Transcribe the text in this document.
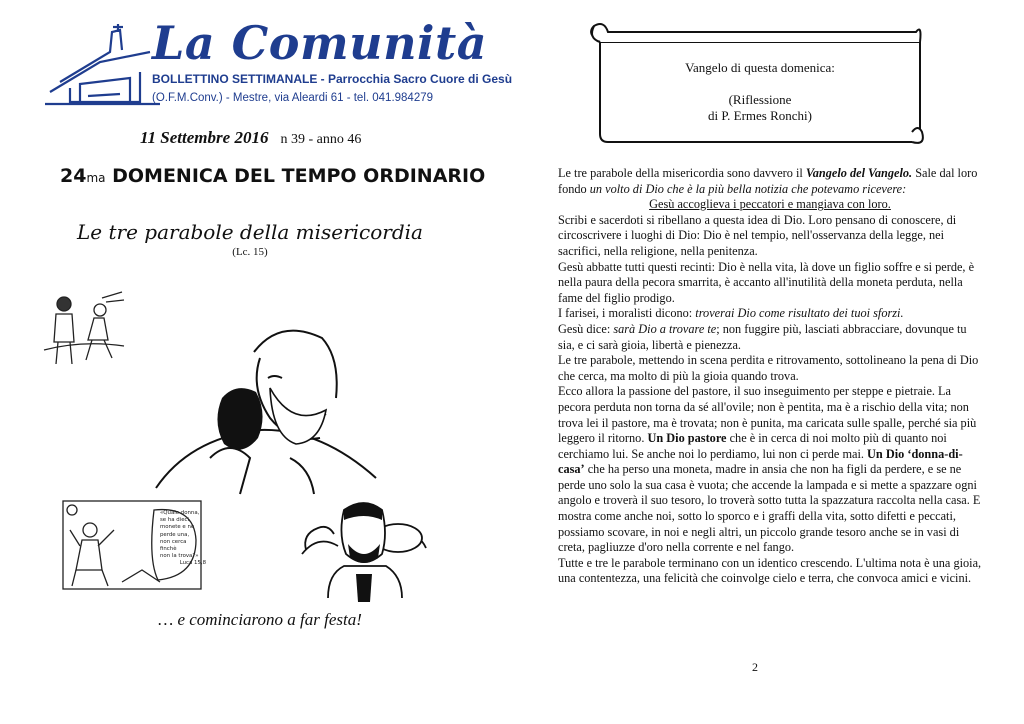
La Comunità
BOLLETTINO SETTIMANALE - Parrocchia Sacro Cuore di Gesù
(O.F.M.Conv.) - Mestre, via Aleardi 61 - tel. 041.984279
11 Settembre 2016 n 39 - anno 46
24ma DOMENICA DEL TEMPO ORDINARIO
Le tre parabole della misericordia
(Lc. 15)
«Quale donna,
se ha dieci
monete e ne
perde una,
non cerca
finchè
non la trova?»
Luca 15,8
… e cominciarono a far festa!
Vangelo di questa domenica:
(Riflessione
di P. Ermes Ronchi)

Le tre parabole della misericordia sono davvero il Vangelo del Vangelo. Sale dal loro fondo un volto di Dio che è la più bella notizia che potevamo ricevere:

Gesù accoglieva i peccatori e mangiava con loro.

Scribi e sacerdoti si ribellano a questa idea di Dio. Loro pensano di conoscere, di circoscrivere i luoghi di Dio: Dio è nel tempio, nell'osservanza della legge, nei sacrifici, nella religione, nella penitenza.

Gesù abbatte tutti questi recinti: Dio è nella vita, là dove un figlio soffre e si perde, è nella paura della pecora smarrita, è accanto all'inutilità della moneta perduta, nella fame del figlio prodigo.

I farisei, i moralisti dicono: troverai Dio come risultato dei tuoi sforzi.

Gesù dice: sarà Dio a trovare te; non fuggire più, lasciati abbracciare, dovunque tu sia, e ci sarà gioia, libertà e pienezza.

Le tre parabole, mettendo in scena perdita e ritrovamento, sottolineano la pena di Dio che cerca, ma molto di più la gioia quando trova.

Ecco allora la passione del pastore, il suo inseguimento per steppe e pietraie. La pecora perduta non torna da sé all'ovile; non è pentita, ma è a rischio della vita; non trova lei il pastore, ma è trovata; non è punita, ma caricata sulle spalle, perché sia più leggero il ritorno. Un Dio pastore che è in cerca di noi molto più di quanto noi cerchiamo lui. Se anche noi lo perdiamo, lui non ci perde mai. Un Dio ‘donna-di-casa’ che ha perso una moneta, madre in ansia che non ha figli da perdere, e se ne perde uno solo la sua casa è vuota; che accende la lampada e si mette a spazzare ogni angolo e troverà il suo tesoro, lo troverà sotto tutta la spazzatura raccolta nella casa. E mostra come anche noi, sotto lo sporco e i graffi della vita, sotto difetti e peccati, possiamo scovare, in noi e negli altri, un piccolo grande tesoro anche se in vasi di creta, pagliuzze d'oro nella corrente e nel fango.

Tutte e tre le parabole terminano con un identico crescendo. L'ultima nota è una gioia, una contentezza, una felicità che coinvolge cielo e terra, che convoca amici e vicini.

2
